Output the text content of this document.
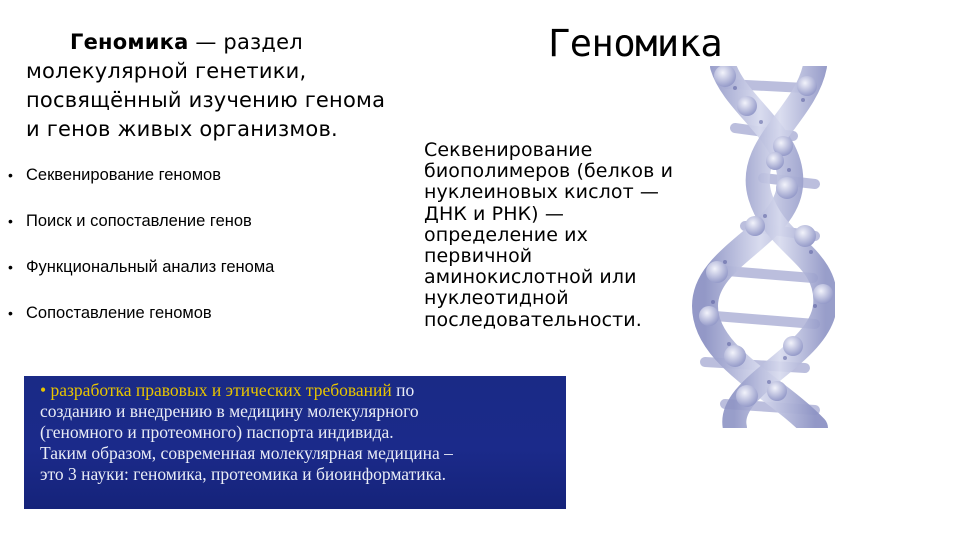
Геномика — раздел
молекулярной генетики,
посвящённый изучению генома
и генов живых организмов.
• Секвенирование геномов
• Поиск и сопоставление генов
• Функциональный анализ генома
• Сопоставление геномов
Геномика
Секвенирование
биополимеров (белков и
нуклеиновых кислот —
ДНК и РНК) —
определение их
первичной
аминокислотной или
нуклеотидной
последовательности.
• разработка правовых и этических требований по
созданию и внедрению в медицину молекулярного
(геномного и протеомного) паспорта индивида.
Таким образом, современная молекулярная медицина –
это 3 науки: геномика, протеомика и биоинформатика.
